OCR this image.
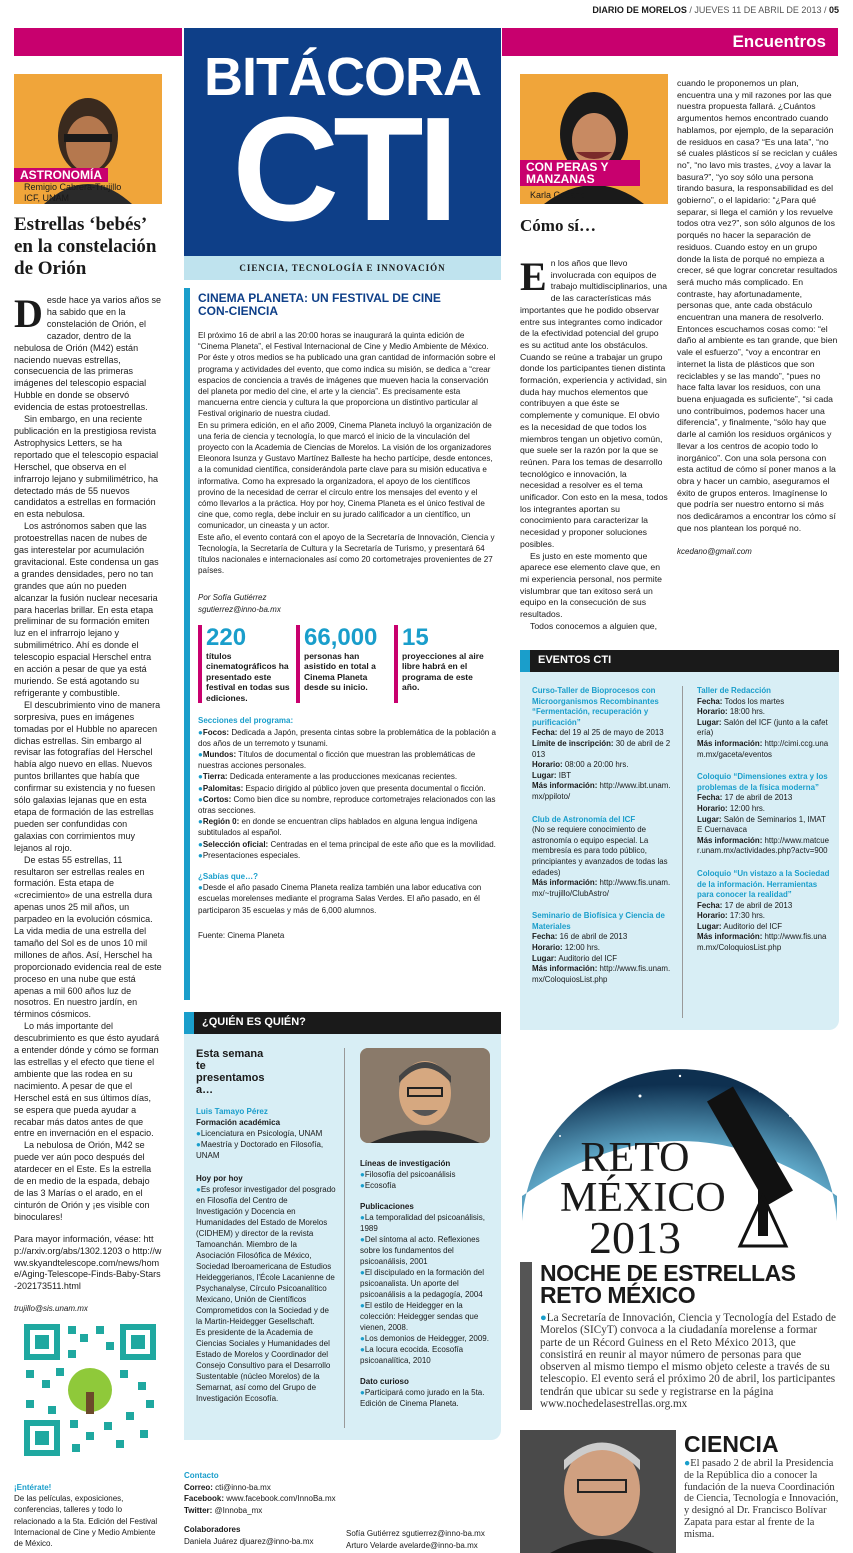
DIARIO DE MORELOS / JUEVES 11 DE ABRIL DE 2013 / 05
Encuentros
BITÁCORA
CTI
CIENCIA, TECNOLOGÍA E INNOVACIÓN
ASTRONOMÍA
Remigio Cabrera-Trujillo
ICF, UNAM
Estrellas ‘bebés’ en la constelación de Orión
D esde hace ya varios años se ha sabido que en la constelación de Orión, el cazador, dentro de la nebulosa de Orión (M42) están naciendo nuevas estrellas, consecuencia de las primeras imágenes del telescopio espacial Hubble en donde se observó evidencia de estas protoestrellas.

Sin embargo, en una reciente publicación en la prestigiosa revista Astrophysics Letters, se ha reportado que el telescopio espacial Herschel, que observa en el infrarrojo lejano y submilimétrico, ha detectado más de 55 nuevos candidatos a estrellas en formación en esta nebulosa.

Los astrónomos saben que las protoestrellas nacen de nubes de gas interestelar por acumulación gravitacional. Este condensa un gas a grandes densidades, pero no tan grandes que aún no pueden alcanzar la fusión nuclear necesaria para hacerlas brillar. En esta etapa preliminar de su formación emiten luz en el infrarrojo lejano y submilimétrico. Ahí es donde el telescopio espacial Herschel entra en acción a pesar de que ya está muriendo. Se está agotando su refrigerante y combustible.

El descubrimiento vino de manera sorpresiva, pues en imágenes tomadas por el Hubble no aparecen dichas estrellas. Sin embargo al revisar las fotografías del Herschel había algo nuevo en ellas. Nuevos puntos brillantes que había que confirmar su existencia y no fuesen sólo galaxias lejanas que en esta etapa de formación de las estrellas pueden ser confundidas con galaxias con corrimientos muy lejanos al rojo.

De estas 55 estrellas, 11 resultaron ser estrellas reales en formación. Esta etapa de «crecimiento» de una estrella dura apenas unos 25 mil años, un parpadeo en la evolución cósmica. La vida media de una estrella del tamaño del Sol es de unos 10 mil millones de años. Así, Herschel ha proporcionado evidencia real de este proceso en una nube que está apenas a mil 600 años luz de nosotros. En nuestro jardín, en términos cósmicos.

Lo más importante del descubrimiento es que ésto ayudará a entender dónde y cómo se forman las estrellas y el efecto que tiene el ambiente que las rodea en su nacimiento. A pesar de que el Herschel está en sus últimos días, se espera que pueda ayudar a recabar más datos antes de que entre en invernación en el espacio.

La nebulosa de Orión, M42 se puede ver aún poco después del atardecer en el Este. Es la estrella de en medio de la espada, debajo de las 3 Marías o el arado, en el cinturón de Orión y ¡es visible con binoculares!

Para mayor información, véase: http://arxiv.org/abs/1302.1203 o http://www.skyandtelescope.com/news/home/Aging-Telescope-Finds-Baby-Stars-202173511.html

trujillo@sis.unam.mx
¡Entérate!
De las películas, exposiciones, conferencias, talleres y todo lo relacionado a la 5ta. Edición del Festival Internacional de Cine y Medio Ambiente de México.
CINEMA PLANETA: UN FESTIVAL DE CINE CON-CIENCIA

El próximo 16 de abril a las 20:00 horas se inaugurará la quinta edición de “Cinema Planeta”, el Festival Internacional de Cine y Medio Ambiente de México. Por éste y otros medios se ha publicado una gran cantidad de información sobre el programa y actividades del evento, que como indica su misión, se dedica a “crear espacios de conciencia a través de imágenes que mueven hacia la conservación del planeta por medio del cine, el arte y la ciencia”. Es precisamente esta mancuerna entre ciencia y cultura la que proporciona un distintivo particular al Festival originario de nuestra ciudad.

En su primera edición, en el año 2009, Cinema Planeta incluyó la organización de una feria de ciencia y tecnología, lo que marcó el inicio de la vinculación del proyecto con la Academia de Ciencias de Morelos. La visión de los organizadores Eleonora Isunza y Gustavo Martínez Balleste ha hecho partícipe, desde entonces, a la comunidad científica, considerándola parte clave para su misión educativa e informativa. Como ha expresado la organizadora, el apoyo de los científicos provino de la necesidad de cerrar el círculo entre los mensajes del evento y el cómo llevarlos a la práctica. Hoy por hoy, Cinema Planeta es el único festival de cine que, como regla, debe incluir en su jurado calificador a un científico, un comunicador, un cineasta y un actor.

Este año, el evento contará con el apoyo de la Secretaría de Innovación, Ciencia y Tecnología, la Secretaría de Cultura y la Secretaría de Turismo, y presentará 64 títulos nacionales e internacionales así como 20 cortometrajes provenientes de 27 países.

Por Sofía Gutiérrez
sgutierrez@inno-ba.mx
220
títulos cinematográficos ha presentado este festival en todas sus ediciones.
66,000
personas han asistido en total a Cinema Planeta desde su inicio.
15
proyecciones al aire libre habrá en el programa de este año.
Secciones del programa:
●Focos: Dedicada a Japón, presenta cintas sobre la problemática de la población a dos años de un terremoto y tsunami.
●Mundos: Títulos de documental o ficción que muestran las problemáticas de nuestras acciones personales.
●Tierra: Dedicada enteramente a las producciones mexicanas recientes.
●Palomitas: Espacio dirigido al público joven que presenta documental o ficción.
●Cortos: Como bien dice su nombre, reproduce cortometrajes relacionados con las otras secciones.
●Región 0: en donde se encuentran clips hablados en alguna lengua indígena subtitulados al español.
●Selección oficial: Centradas en el tema principal de este año que es la movilidad.
●Presentaciones especiales.
¿Sabías que…?
●Desde el año pasado Cinema Planeta realiza también una labor educativa con escuelas morelenses mediante el programa Salas Verdes. El año pasado, en él participaron 35 escuelas y más de 6,000 alumnos.
Fuente: Cinema Planeta
¿QUIÉN ES QUIÉN?
Esta semana te presentamos a…
Luis Tamayo Pérez
Formación académica
●Licenciatura en Psicología, UNAM
●Maestría y Doctorado en Filosofía, UNAM
Hoy por hoy
●Es profesor investigador del posgrado en Filosofía del Centro de Investigación y Docencia en Humanidades del Estado de Morelos (CIDHEM) y director de la revista Tamoanchán. Miembro de la Asociación Filosófica de México, Sociedad Iberoamericana de Estudios Heideggerianos, l’École Lacanienne de Psychanalyse, Círculo Psicoanalítico Mexicano, Unión de Científicos Comprometidos con la Sociedad y de la Martin-Heidegger Gesellschaft.
Es presidente de la Academia de Ciencias Sociales y Humanidades del Estado de Morelos y Coordinador del Consejo Consultivo para el Desarrollo Sustentable (núcleo Morelos) de la Semarnat, así como del Grupo de Investigación Ecosofía.
Líneas de investigación
●Filosofía del psicoanálisis
●Ecosofía
Publicaciones
●La temporalidad del psicoanálisis, 1989
●Del síntoma al acto. Reflexiones sobre los fundamentos del psicoanálisis, 2001
●El discipulado en la formación del psicoanalista. Un aporte del psicoanálisis a la pedagogía, 2004
●El estilo de Heidegger en la colección: Heidegger sendas que vienen, 2008.
●Los demonios de Heidegger, 2009.
●La locura ecocida. Ecosofía psicoanalítica, 2010
Dato curioso
●Participará como jurado en la 5ta. Edición de Cinema Planeta.
Contacto
Correo: cti@inno-ba.mx
Facebook: www.facebook.com/InnoBa.mx
Twitter: @Innoba_mx
Colaboradores
Daniela Juárez djuarez@inno-ba.mx
Sofía Gutiérrez sgutierrez@inno-ba.mx
Arturo Velarde avelarde@inno-ba.mx
CON PERAS Y MANZANAS
Karla Cedano
Cómo sí…
E n los años que llevo involucrada con equipos de trabajo multidisciplinarios, una de las características más importantes que he podido observar entre sus integrantes como indicador de la efectividad potencial del grupo es su actitud ante los obstáculos. Cuando se reúne a trabajar un grupo donde los participantes tienen distinta formación, experiencia y actividad, sin duda hay muchos elementos que contribuyen a que éste se complemente y comunique. El obvio es la necesidad de que todos los miembros tengan un objetivo común, que suele ser la razón por la que se reúnen. Para los temas de desarrollo tecnológico e innovación, la necesidad a resolver es el tema unificador. Con esto en la mesa, todos los integrantes aportan su conocimiento para caracterizar la necesidad y proponer soluciones posibles.

Es justo en este momento que aparece ese elemento clave que, en mi experiencia personal, nos permite vislumbrar que tan exitoso será un equipo en la consecución de sus resultados.

Todos conocemos a alguien que,

cuando le proponemos un plan, encuentra una y mil razones por las que nuestra propuesta fallará. ¿Cuántos argumentos hemos encontrado cuando hablamos, por ejemplo, de la separación de residuos en casa? “Es una lata”, “no sé cuales plásticos sí se reciclan y cuáles no”, “no lavo mis trastes, ¿voy a lavar la basura?”, “yo soy sólo una persona tirando basura, la responsabilidad es del gobierno”, o el lapidario: “¿Para qué separar, si llega el camión y los revuelve todos otra vez?”, son sólo algunos de los porqués no hacer la separación de residuos. Cuando estoy en un grupo donde la lista de porqué no empieza a crecer, sé que lograr concretar resultados será mucho más complicado. En contraste, hay afortunadamente, personas que, ante cada obstáculo encuentran una manera de resolverlo. Entonces escuchamos cosas como: “el daño al ambiente es tan grande, que bien vale el esfuerzo”, “voy a encontrar en internet la lista de plásticos que son reciclables y se las mando”, “pues no hace falta lavar los residuos, con una buena enjuagada es suficiente”, “si cada uno contribuimos, podemos hacer una diferencia”, y finalmente, “sólo hay que darle al camión los residuos orgánicos y llevar a los centros de acopio todo lo inorgánico”. Con una sola persona con esta actitud de cómo sí poner manos a la obra y hacer un cambio, aseguramos el éxito de grupos enteros. Imagínense lo que podría ser nuestro entorno si más nos dedicáramos a encontrar los cómo sí que nos plantean los porqué no.

kcedano@gmail.com

EVENTOS CTI
Curso-Taller de Bioprocesos con Microorganismos Recombinantes “Fermentación, recuperación y purificación”
Fecha: del 19 al 25 de mayo de 2013
Límite de inscripción: 30 de abril de 2013
Horario: 08:00 a 20:00 hrs.
Lugar: IBT
Más información: http://www.ibt.unam.mx/ppiloto/
Club de Astronomía del ICF
(No se requiere conocimiento de astronomía o equipo especial. La membresía es para todo público, principiantes y avanzados de todas las edades)
Más información: http://www.fis.unam.mx/~trujillo/ClubAstro/
Seminario de Biofísica y Ciencia de Materiales
Fecha: 16 de abril de 2013
Horario: 12:00 hrs.
Lugar: Auditorio del ICF
Más información: http://www.fis.unam.mx/ColoquiosList.php
Taller de Redacción
Fecha: Todos los martes
Horario: 18:00 hrs.
Lugar: Salón del ICF (junto a la cafetería)
Más información: http://cimi.ccg.unam.mx/gaceta/eventos
Coloquio “Dimensiones extra y los problemas de la física moderna”
Fecha: 17 de abril de 2013
Horario: 12:00 hrs.
Lugar: Salón de Seminarios 1, IMATE Cuernavaca
Más información: http://www.matcuer.unam.mx/actividades.php?actv=900
Coloquio “Un vistazo a la Sociedad de la información. Herramientas para conocer la realidad”
Fecha: 17 de abril de 2013
Horario: 17:30 hrs.
Lugar: Auditorio del ICF
Más información: http://www.fis.unam.mx/ColoquiosList.php
RETO
MÉXICO
2013
NOCHE DE ESTRELLAS RETO MÉXICO
●La Secretaría de Innovación, Ciencia y Tecnología del Estado de Morelos (SICyT) convoca a la ciudadanía morelense a formar parte de un Récord Guiness en el Reto México 2013, que consistirá en reunir al mayor número de personas para que observen al mismo tiempo el mismo objeto celeste a través de su telescopio. El evento será el próximo 20 de abril, los participantes tendrán que ubicar su sede y registrarse en la página www.nochedelasestrellas.org.mx
CIENCIA
●El pasado 2 de abril la Presidencia de la República dio a conocer la fundación de la nueva Coordinación de Ciencia, Tecnología e Innovación, y designó al Dr. Francisco Bolívar Zapata para estar al frente de la misma.
